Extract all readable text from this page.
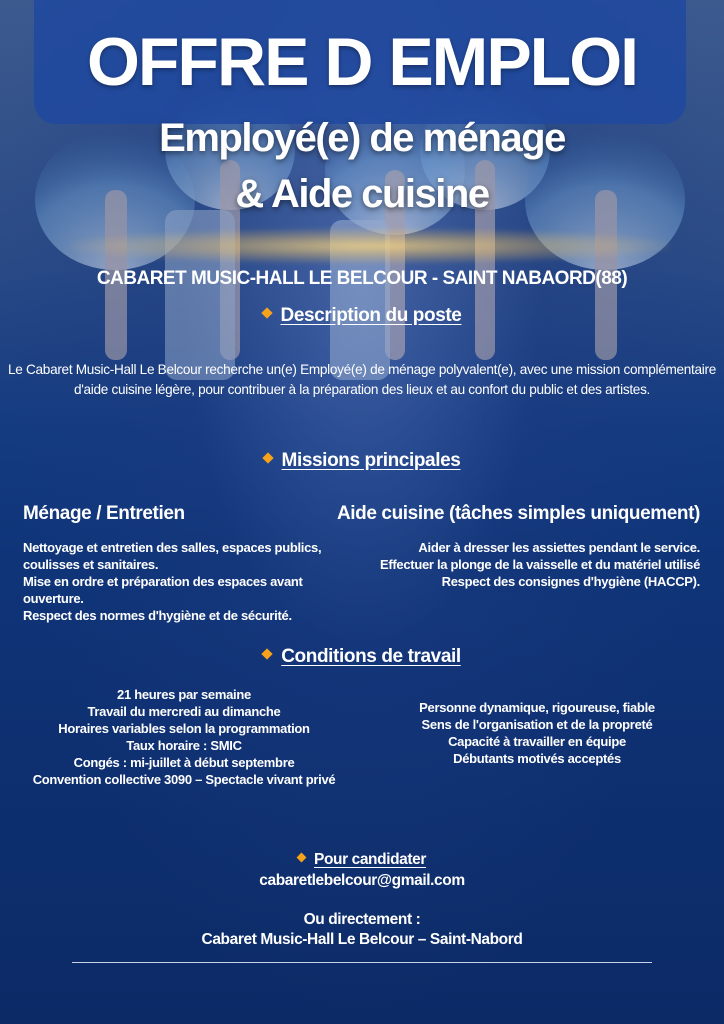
OFFRE D EMPLOI
Employé(e) de ménage
& Aide cuisine
CABARET MUSIC-HALL LE BELCOUR - SAINT NABAORD(88)
Description du poste
Le Cabaret Music-Hall Le Belcour recherche un(e) Employé(e) de ménage polyvalent(e), avec une mission complémentaire d'aide cuisine légère, pour contribuer à la préparation des lieux et au confort du public et des artistes.
Missions principales
Ménage / Entretien	Aide cuisine (tâches simples uniquement)
Nettoyage et entretien des salles, espaces publics, coulisses et sanitaires.
Mise en ordre et préparation des espaces avant ouverture.
Respect des normes d'hygiène et de sécurité.
Aider à dresser les assiettes pendant le service.
Effectuer la plonge de la vaisselle et du matériel utilisé
Respect des consignes d'hygiène (HACCP).
Conditions de travail
21 heures par semaine
Travail du mercredi au dimanche
Horaires variables selon la programmation
Taux horaire : SMIC
Congés : mi-juillet à début septembre
Convention collective 3090 – Spectacle vivant privé
Personne dynamique, rigoureuse, fiable
Sens de l'organisation et de la propreté
Capacité à travailler en équipe
Débutants motivés acceptés
Pour candidater
cabaretlebelcour@gmail.com
Ou directement :
Cabaret Music-Hall Le Belcour – Saint-Nabord
